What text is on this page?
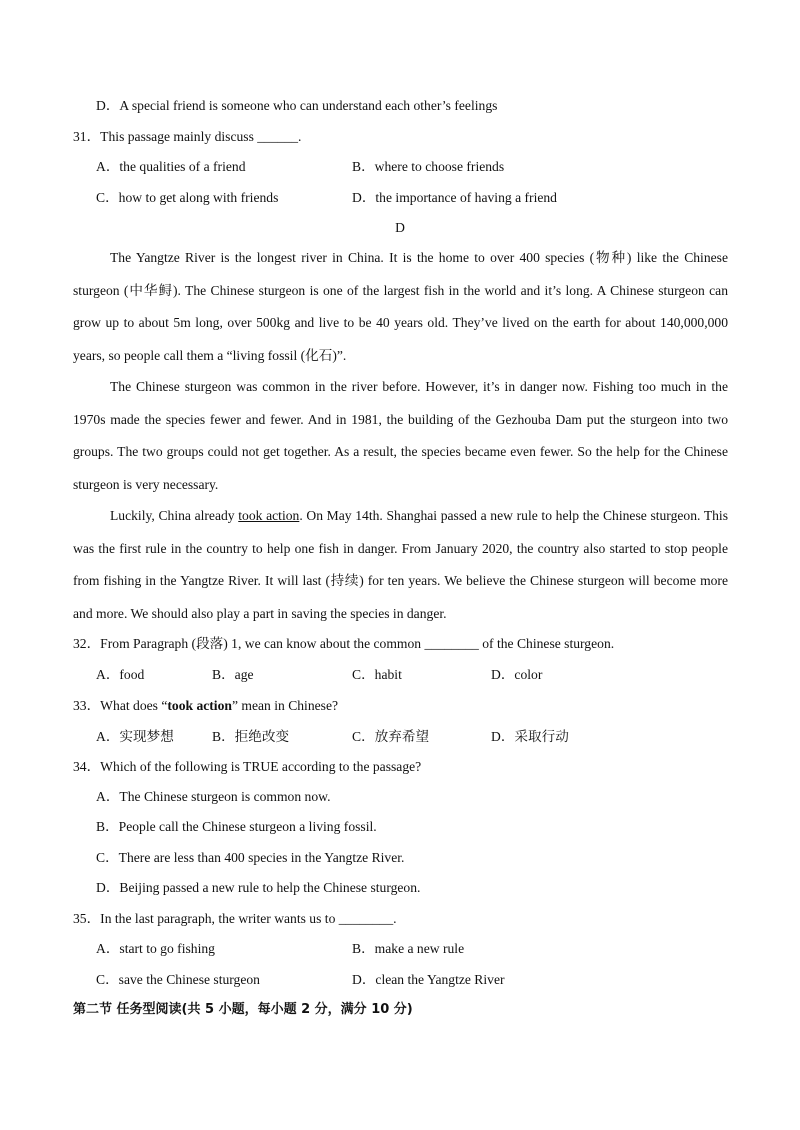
D．A special friend is someone who can understand each other’s feelings
31．This passage mainly discuss ______.
A．the qualities of a friend	B．where to choose friends
C．how to get along with friends	D．the importance of having a friend
D
The Yangtze River is the longest river in China. It is the home to over 400 species (物种) like the Chinese sturgeon (中华鲟). The Chinese sturgeon is one of the largest fish in the world and it’s long. A Chinese sturgeon can grow up to about 5m long, over 500kg and live to be 40 years old. They’ve lived on the earth for about 140,000,000 years, so people call them a “living fossil (化石)”.
The Chinese sturgeon was common in the river before. However, it’s in danger now. Fishing too much in the 1970s made the species fewer and fewer. And in 1981, the building of the Gezhouba Dam put the sturgeon into two groups. The two groups could not get together. As a result, the species became even fewer. So the help for the Chinese sturgeon is very necessary.
Luckily, China already took action. On May 14th. Shanghai passed a new rule to help the Chinese sturgeon. This was the first rule in the country to help one fish in danger. From January 2020, the country also started to stop people from fishing in the Yangtze River. It will last (持续) for ten years. We believe the Chinese sturgeon will become more and more. We should also play a part in saving the species in danger.
32．From Paragraph (段落) 1, we can know about the common ________ of the Chinese sturgeon.
A．food	B．age	C．habit	D．color
33．What does “took action” mean in Chinese?
A．实现梦想	B．拒绝改变	C．放弃希望	D．采取行动
34．Which of the following is TRUE according to the passage?
A．The Chinese sturgeon is common now.
B．People call the Chinese sturgeon a living fossil.
C．There are less than 400 species in the Yangtze River.
D．Beijing passed a new rule to help the Chinese sturgeon.
35．In the last paragraph, the writer wants us to ________.
A．start to go fishing	B．make a new rule
C．save the Chinese sturgeon	D．clean the Yangtze River
第二节 任务型阅读(共 5 小题，每小题 2 分，满分 10 分)
